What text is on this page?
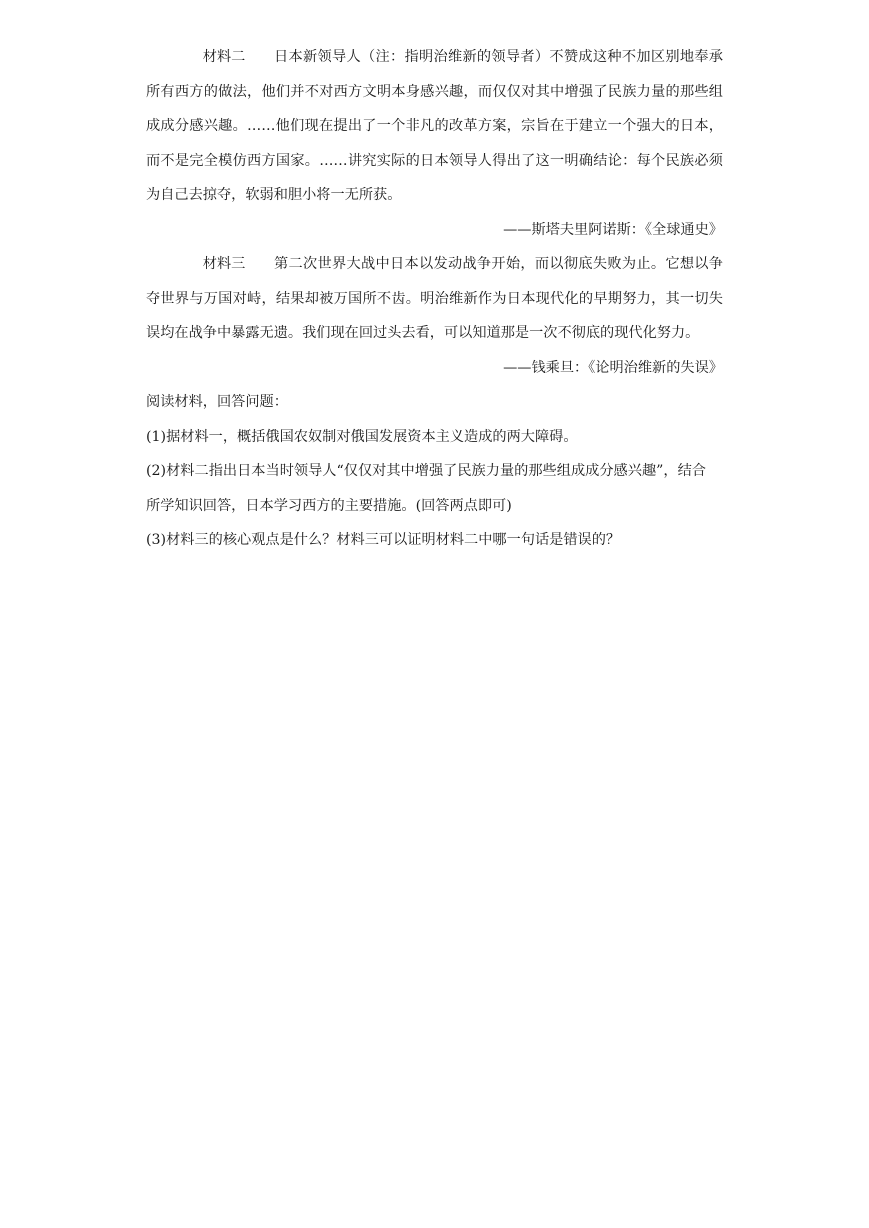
材料二 日本新领导人（注：指明治维新的领导者）不赞成这种不加区别地奉承所有西方的做法，他们并不对西方文明本身感兴趣，而仅仅对其中增强了民族力量的那些组成成分感兴趣。……他们现在提出了一个非凡的改革方案，宗旨在于建立一个强大的日本，而不是完全模仿西方国家。……讲究实际的日本领导人得出了这一明确结论：每个民族必须为自己去掠夺，软弱和胆小将一无所获。

——斯塔夫里阿诺斯：《全球通史》

材料三 第二次世界大战中日本以发动战争开始，而以彻底失败为止。它想以争夺世界与万国对峙，结果却被万国所不齿。明治维新作为日本现代化的早期努力，其一切失误均在战争中暴露无遗。我们现在回过头去看，可以知道那是一次不彻底的现代化努力。

——钱乘旦：《论明治维新的失误》

阅读材料，回答问题：

(1)据材料一，概括俄国农奴制对俄国发展资本主义造成的两大障碍。

(2)材料二指出日本当时领导人“仅仅对其中增强了民族力量的那些组成成分感兴趣”，结合所学知识回答，日本学习西方的主要措施。(回答两点即可)

(3)材料三的核心观点是什么？材料三可以证明材料二中哪一句话是错误的？
